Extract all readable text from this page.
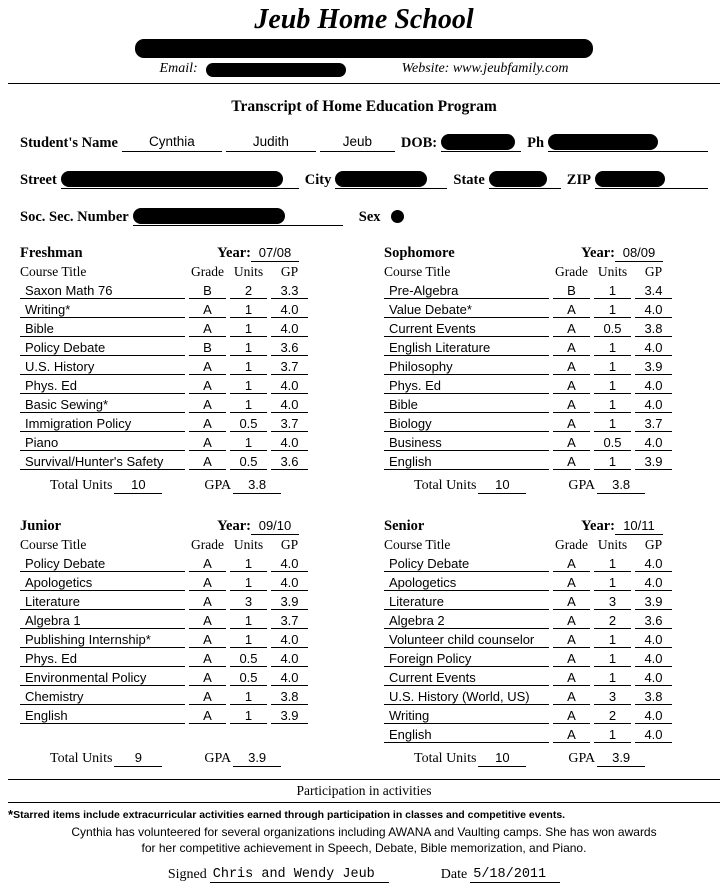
Jeub Home School
Email:	Website: www.jeubfamily.com
Transcript of Home Education Program
Student's Name	Cynthia	Judith	Jeub	DOB:	Ph
Street	City	State	ZIP
Soc. Sec. Number	Sex
Freshman	Year: 07/08
Course Title	Grade Units	GP
Saxon Math 76	B	2	3.3
Writing*	A	1	4.0
Bible	A	1	4.0
Policy Debate	B	1	3.6
U.S. History	A	1	3.7
Phys. Ed	A	1	4.0
Basic Sewing*	A	1	4.0
Immigration Policy	A	0.5	3.7
Piano	A	1	4.0
Survival/Hunter's Safety	A	0.5	3.6
Total Units	10	GPA	3.8
Sophomore	Year: 08/09
Course Title	Grade Units	GP
Pre-Algebra	B	1	3.4
Value Debate*	A	1	4.0
Current Events	A	0.5	3.8
English Literature	A	1	4.0
Philosophy	A	1	3.9
Phys. Ed	A	1	4.0
Bible	A	1	4.0
Biology	A	1	3.7
Business	A	0.5	4.0
English	A	1	3.9
Total Units	10	GPA	3.8
Junior	Year: 09/10
Course Title	Grade Units	GP
Policy Debate	A	1	4.0
Apologetics	A	1	4.0
Literature	A	3	3.9
Algebra 1	A	1	3.7
Publishing Internship*	A	1	4.0
Phys. Ed	A	0.5	4.0
Environmental Policy	A	0.5	4.0
Chemistry	A	1	3.8
English	A	1	3.9
Total Units	9	GPA	3.9
Senior	Year: 10/11
Course Title	Grade Units	GP
Policy Debate	A	1	4.0
Apologetics	A	1	4.0
Literature	A	3	3.9
Algebra 2	A	2	3.6
Volunteer child counselor	A	1	4.0
Foreign Policy	A	1	4.0
Current Events	A	1	4.0
U.S. History (World, US)	A	3	3.8
Writing	A	2	4.0
English	A	1	4.0
Total Units	10	GPA	3.9
Participation in activities
*Starred items include extracurricular activities earned through participation in classes and competitive events.
Cynthia has volunteered for several organizations including AWANA and Vaulting camps. She has won awards
for her competitive achievement in Speech, Debate, Bible memorization, and Piano.
Signed Chris and Wendy Jeub	Date 5/18/2011
